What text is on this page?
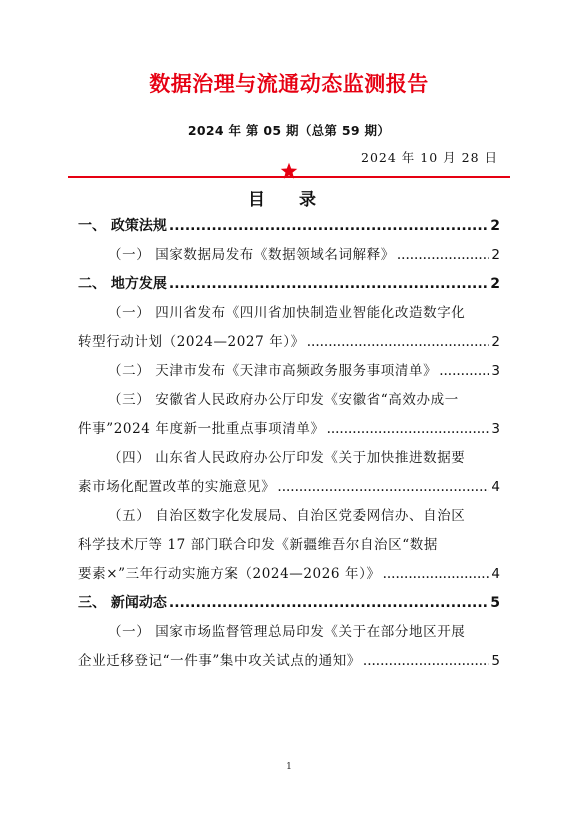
数据治理与流通动态监测报告
2024 年 第 05 期（总第 59 期）
2024 年 10 月 28 日
目 录
一、 政策法规 .....	2
（一） 国家数据局发布《数据领域名词解释》 .....	2
二、 地方发展 .....	2
（一） 四川省发布《四川省加快制造业智能化改造数字化
转型行动计划（2024—2027 年）》 .....	2
（二） 天津市发布《天津市高频政务服务事项清单》 .....	3
（三） 安徽省人民政府办公厅印发《安徽省“高效办成一
件事”2024 年度新一批重点事项清单》 .....	3
（四） 山东省人民政府办公厅印发《关于加快推进数据要
素市场化配置改革的实施意见》 .....	4
（五） 自治区数字化发展局、自治区党委网信办、自治区
科学技术厅等 17 部门联合印发《新疆维吾尔自治区“数据
要素×”三年行动实施方案（2024—2026 年）》 .....	4
三、 新闻动态 .....	5
（一） 国家市场监督管理总局印发《关于在部分地区开展
企业迁移登记“一件事”集中攻关试点的通知》 .....	5
1
